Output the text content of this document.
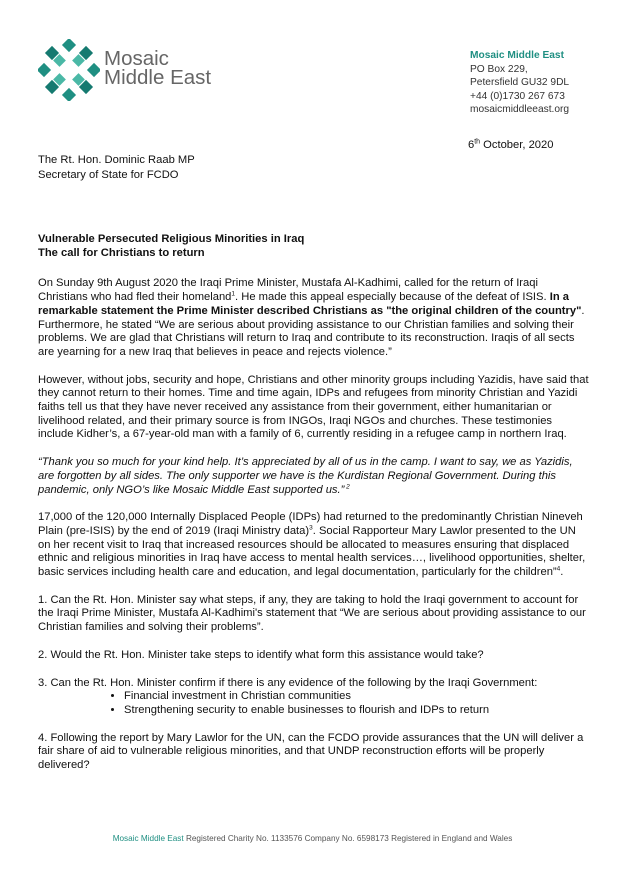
Mosaic
Middle East
Mosaic Middle East
PO Box 229,
Petersfield GU32 9DL
+44 (0)1730 267 673
mosaicmiddleeast.org
6th October, 2020
The Rt. Hon. Dominic Raab MP
Secretary of State for FCDO

Vulnerable Persecuted Religious Minorities in Iraq
The call for Christians to return

On Sunday 9th August 2020 the Iraqi Prime Minister, Mustafa Al-Kadhimi, called for the return of Iraqi Christians who had fled their homeland$^1$. He made this appeal especially because of the defeat of ISIS. In a remarkable statement the Prime Minister described Christians as "the original children of the country". Furthermore, he stated “We are serious about providing assistance to our Christian families and solving their problems. We are glad that Christians will return to Iraq and contribute to its reconstruction. Iraqis of all sects are yearning for a new Iraq that believes in peace and rejects violence.”

However, without jobs, security and hope, Christians and other minority groups including Yazidis, have said that they cannot return to their homes. Time and time again, IDPs and refugees from minority Christian and Yazidi faiths tell us that they have never received any assistance from their government, either humanitarian or livelihood related, and their primary source is from INGOs, Iraqi NGOs and churches. These testimonies include Kidher’s, a 67-year-old man with a family of 6, currently residing in a refugee camp in northern Iraq.

“Thank you so much for your kind help. It’s appreciated by all of us in the camp. I want to say, we as Yazidis, are forgotten by all sides. The only supporter we have is the Kurdistan Regional Government. During this pandemic, only NGO’s like Mosaic Middle East supported us.” $^2$

17,000 of the 120,000 Internally Displaced People (IDPs) had returned to the predominantly Christian Nineveh Plain (pre-ISIS) by the end of 2019 (Iraqi Ministry data)$^3$. Social Rapporteur Mary Lawlor presented to the UN on her recent visit to Iraq that increased resources should be allocated to measures ensuring that displaced ethnic and religious minorities in Iraq have access to mental health services…, livelihood opportunities, shelter, basic services including health care and education, and legal documentation, particularly for the children”$^4$.

1. Can the Rt. Hon. Minister say what steps, if any, they are taking to hold the Iraqi government to account for the Iraqi Prime Minister, Mustafa Al-Kadhimi's statement that “We are serious about providing assistance to our Christian families and solving their problems”.

2. Would the Rt. Hon. Minister take steps to identify what form this assistance would take?

3. Can the Rt. Hon. Minister confirm if there is any evidence of the following by the Iraqi Government:

• Financial investment in Christian communities
• Strengthening security to enable businesses to flourish and IDPs to return

4. Following the report by Mary Lawlor for the UN, can the FCDO provide assurances that the UN will deliver a fair share of aid to vulnerable religious minorities, and that UNDP reconstruction efforts will be properly delivered?

Mosaic Middle East Registered Charity No. 1133576 Company No. 6598173 Registered in England and Wales
